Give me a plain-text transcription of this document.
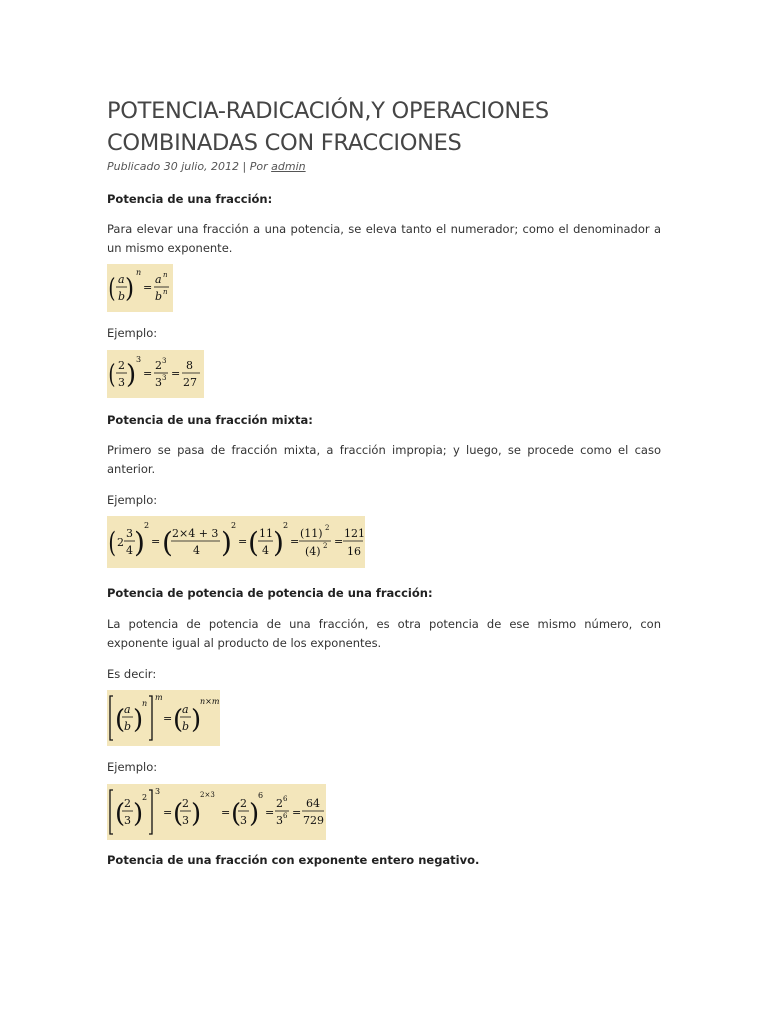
POTENCIA-RADICACIÓN,Y OPERACIONES
COMBINADAS CON FRACCIONES
Publicado 30 julio, 2012 | Por admin

Potencia de una fracción:

Para elevar una fracción a una potencia, se eleva tanto el numerador; como el denominador a un mismo exponente.

( a
b )
n
=
a n
b n

Ejemplo:

( 2
3 )
3
=
2 3
3 3 =
8
27

Potencia de una fracción mixta:

Primero se pasa de fracción mixta, a fracción impropia; y luego, se procede como el caso anterior.

Ejemplo:

( 2
3
4 )
2
= ( 2×4 + 3
4 )
2
= ( 11
4 )
2
=
(11) 2
(4) 2 =
121
16

Potencia de potencia de potencia de una fracción:

La potencia de potencia de una fracción, es otra potencia de ese mismo número, con exponente igual al producto de los exponentes.

Es decir:

(
a
b )
n
m
= (
a
b )
n×m

Ejemplo:

(
2
3 )
2
3
= (
2
3 )
2×3
= (
2
3 )
6
=
2 6
3 6 =
64
729

Potencia de una fracción con exponente entero negativo.
